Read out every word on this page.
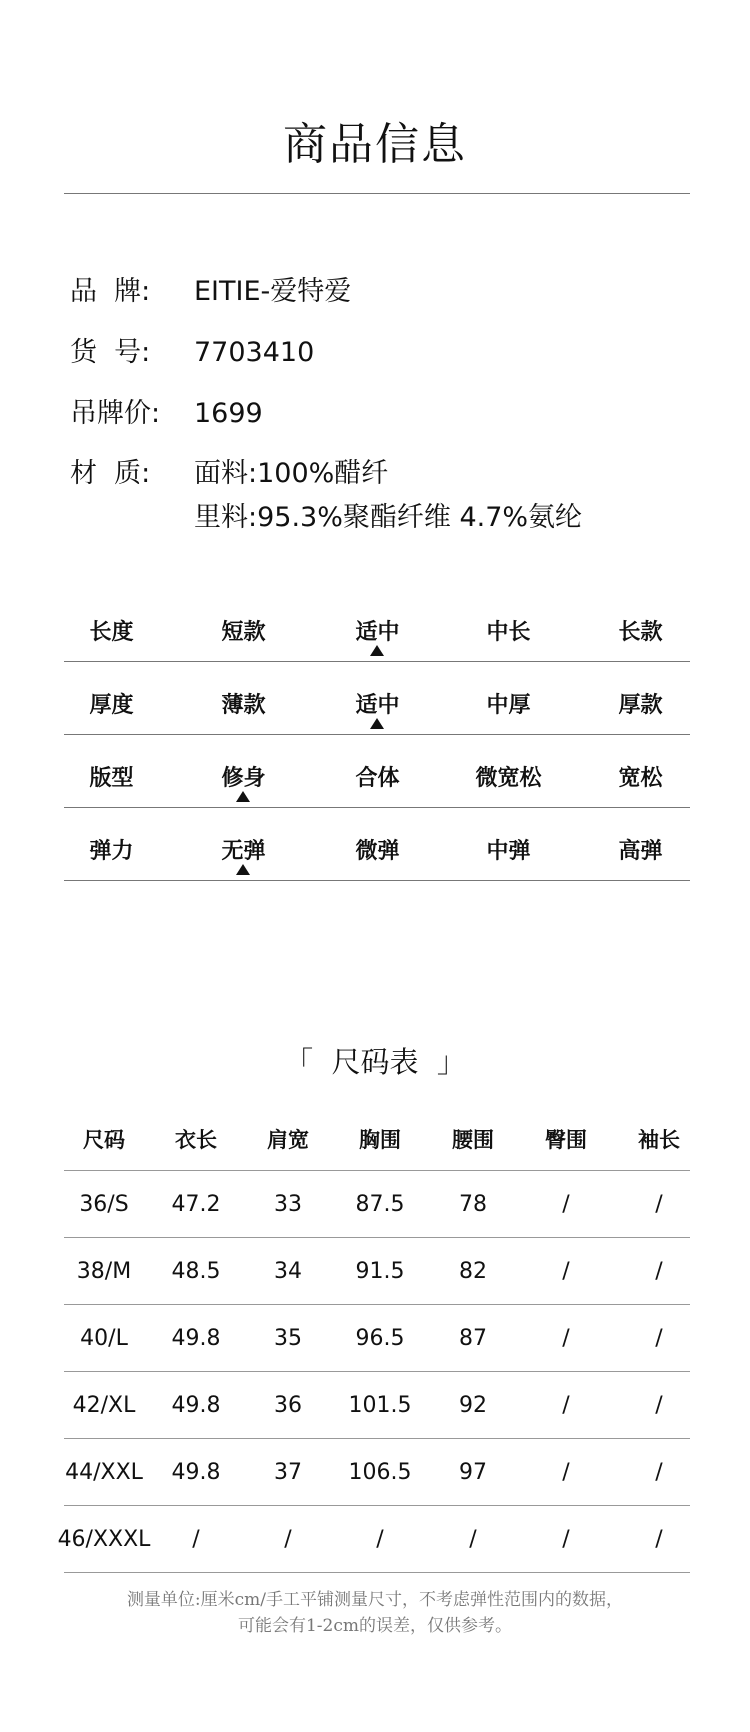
商品信息
品  牌:	EITIE-爱特爱
货  号:	7703410
吊牌价:	1699
材  质:	面料:100%醋纤
里料:95.3%聚酯纤维 4.7%氨纶
长度	短款	适中	中长	长款
厚度	薄款	适中	中厚	厚款
版型	修身	合体	微宽松	宽松
弹力	无弹	微弹	中弹	高弹
「  尺码表  」
尺码	衣长	肩宽	胸围	腰围	臀围	袖长
36/S	47.2	33	87.5	78	/	/
38/M	48.5	34	91.5	82	/	/
40/L	49.8	35	96.5	87	/	/
42/XL	49.8	36	101.5	92	/	/
44/XXL	49.8	37	106.5	97	/	/
46/XXXL	/	/	/	/	/	/
测量单位:厘米cm/手工平铺测量尺寸，不考虑弹性范围内的数据，
可能会有1-2cm的误差，仅供参考。
